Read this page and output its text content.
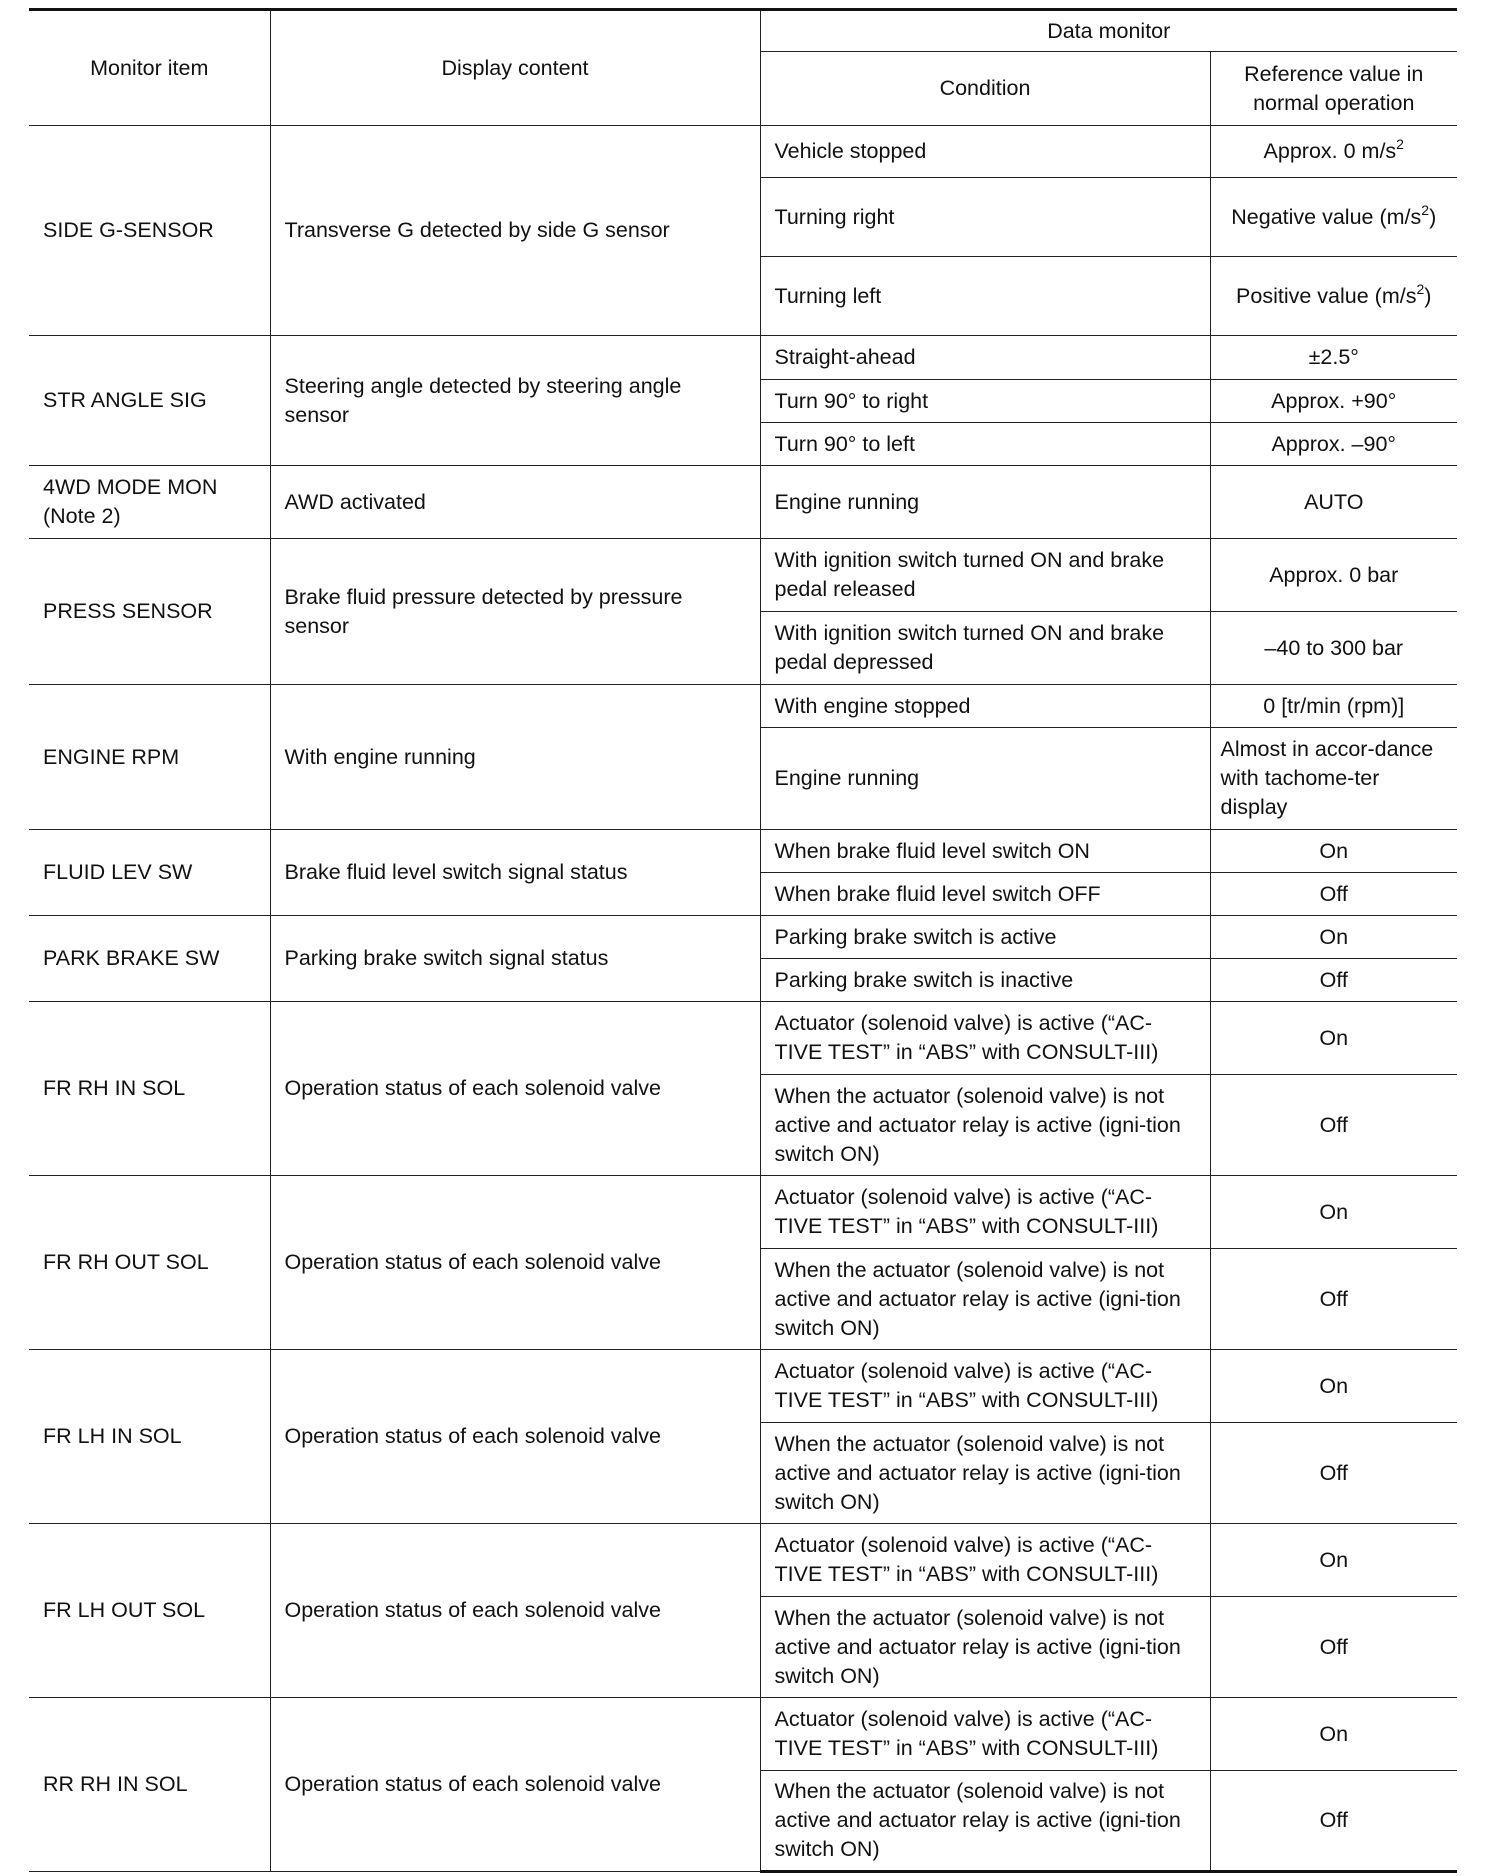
Monitor item	Display content	Data monitor	
		Condition	Reference value in normal operation
SIDE G-SENSOR	Transverse G detected by side G sensor	Vehicle stopped	Approx. 0 $m/s^2$
		Turning right	Negative value $(m/s^2)$
		Turning left	Positive value $(m/s^2)$
STR ANGLE SIG	Steering angle detected by steering angle sensor	Straight-ahead	±2.5°
		Turn 90° to right	Approx. +90°
		Turn 90° to left	Approx. –90°
4WD MODE MON (Note 2)	AWD activated	Engine running	AUTO
PRESS SENSOR	Brake fluid pressure detected by pressure sensor	With ignition switch turned ON and brake pedal released	Approx. 0 bar
		With ignition switch turned ON and brake pedal depressed	–40 to 300 bar
ENGINE RPM	With engine running	With engine stopped	0 [tr/min (rpm)]
		Engine running	Almost in accor-dance with tachome-ter display
FLUID LEV SW	Brake fluid level switch signal status	When brake fluid level switch ON	On
		When brake fluid level switch OFF	Off
PARK BRAKE SW	Parking brake switch signal status	Parking brake switch is active	On
		Parking brake switch is inactive	Off
FR RH IN SOL	Operation status of each solenoid valve	Actuator (solenoid valve) is active (“AC-TIVE TEST” in “ABS” with CONSULT-III)	On
		When the actuator (solenoid valve) is not active and actuator relay is active (igni-tion switch ON)	Off
FR RH OUT SOL	Operation status of each solenoid valve	Actuator (solenoid valve) is active (“AC-TIVE TEST” in “ABS” with CONSULT-III)	On
		When the actuator (solenoid valve) is not active and actuator relay is active (igni-tion switch ON)	Off
FR LH IN SOL	Operation status of each solenoid valve	Actuator (solenoid valve) is active (“AC-TIVE TEST” in “ABS” with CONSULT-III)	On
		When the actuator (solenoid valve) is not active and actuator relay is active (igni-tion switch ON)	Off
FR LH OUT SOL	Operation status of each solenoid valve	Actuator (solenoid valve) is active (“AC-TIVE TEST” in “ABS” with CONSULT-III)	On
		When the actuator (solenoid valve) is not active and actuator relay is active (igni-tion switch ON)	Off
RR RH IN SOL	Operation status of each solenoid valve	Actuator (solenoid valve) is active (“AC-TIVE TEST” in “ABS” with CONSULT-III)	On
		When the actuator (solenoid valve) is not active and actuator relay is active (igni-tion switch ON)	Off
